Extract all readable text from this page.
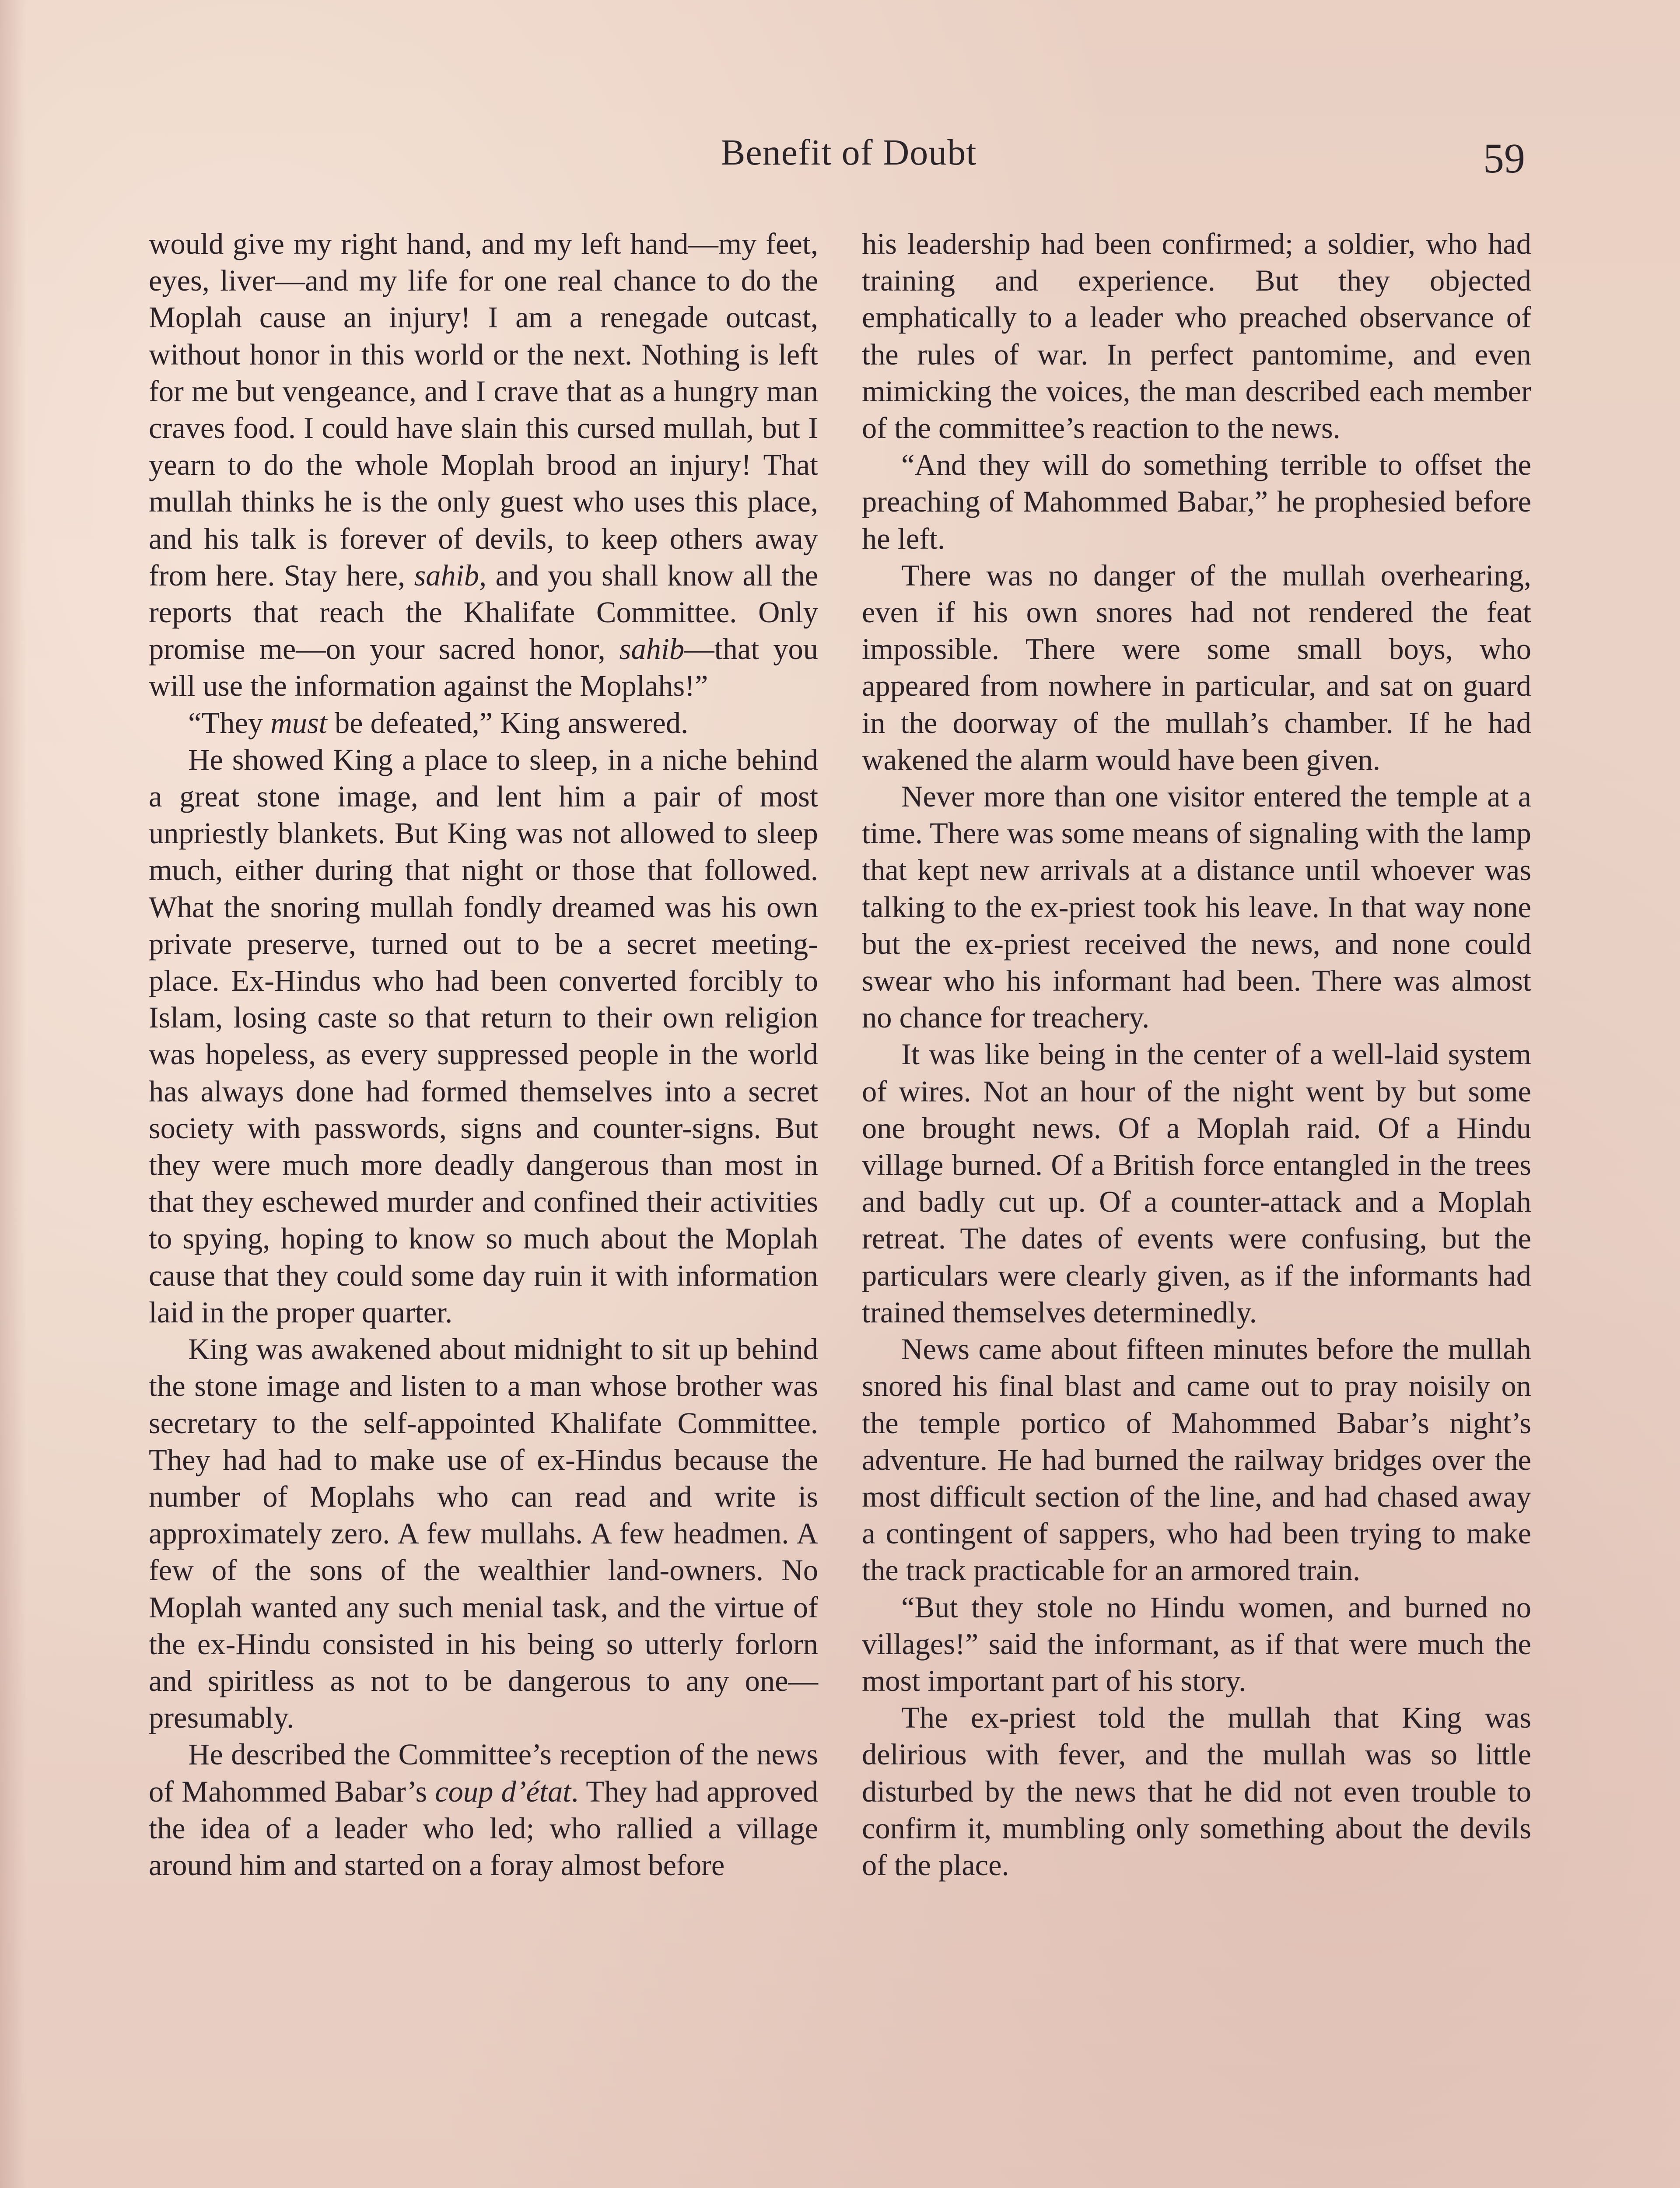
Benefit of Doubt	59

would give my right hand, and my left hand—my feet, eyes, liver—and my life for one real chance to do the Moplah cause an injury! I am a renegade outcast, without honor in this world or the next. Nothing is left for me but vengeance, and I crave that as a hungry man craves food. I could have slain this cursed mullah, but I yearn to do the whole Moplah brood an injury! That mullah thinks he is the only guest who uses this place, and his talk is forever of devils, to keep others away from here. Stay here, sahib, and you shall know all the reports that reach the Khalifate Committee. Only promise me—on your sacred honor, sahib—that you will use the information against the Moplahs!”

“They must be defeated,” King answered.

He showed King a place to sleep, in a niche behind a great stone image, and lent him a pair of most unpriestly blankets. But King was not allowed to sleep much, either during that night or those that followed. What the snoring mullah fondly dreamed was his own private preserve, turned out to be a secret meeting-place. Ex-Hindus who had been converted forcibly to Islam, losing caste so that return to their own religion was hopeless, as every suppressed people in the world has always done had formed themselves into a secret society with passwords, signs and counter-signs. But they were much more deadly dangerous than most in that they eschewed murder and confined their activities to spying, hoping to know so much about the Moplah cause that they could some day ruin it with information laid in the proper quarter.

King was awakened about midnight to sit up behind the stone image and listen to a man whose brother was secretary to the self-appointed Khalifate Committee. They had had to make use of ex-Hindus because the number of Moplahs who can read and write is approximately zero. A few mullahs. A few headmen. A few of the sons of the wealthier land-owners. No Moplah wanted any such menial task, and the virtue of the ex-Hindu consisted in his being so utterly forlorn and spiritless as not to be dangerous to any one—presumably.

He described the Committee’s reception of the news of Mahommed Babar’s coup d’état. They had approved the idea of a leader who led; who rallied a village around him and started on a foray almost before

his leadership had been confirmed; a soldier, who had training and experience. But they objected emphatically to a leader who preached observance of the rules of war. In perfect pantomime, and even mimicking the voices, the man described each member of the committee’s reaction to the news.

“And they will do something terrible to offset the preaching of Mahommed Babar,” he prophesied before he left.

There was no danger of the mullah overhearing, even if his own snores had not rendered the feat impossible. There were some small boys, who appeared from nowhere in particular, and sat on guard in the doorway of the mullah’s chamber. If he had wakened the alarm would have been given.

Never more than one visitor entered the temple at a time. There was some means of signaling with the lamp that kept new arrivals at a distance until whoever was talking to the ex-priest took his leave. In that way none but the ex-priest received the news, and none could swear who his informant had been. There was almost no chance for treachery.

It was like being in the center of a well-laid system of wires. Not an hour of the night went by but some one brought news. Of a Moplah raid. Of a Hindu village burned. Of a British force entangled in the trees and badly cut up. Of a counter-attack and a Moplah retreat. The dates of events were confusing, but the particulars were clearly given, as if the informants had trained themselves determinedly.

News came about fifteen minutes before the mullah snored his final blast and came out to pray noisily on the temple portico of Mahommed Babar’s night’s adventure. He had burned the railway bridges over the most difficult section of the line, and had chased away a contingent of sappers, who had been trying to make the track practicable for an armored train.

“But they stole no Hindu women, and burned no villages!” said the informant, as if that were much the most important part of his story.

The ex-priest told the mullah that King was delirious with fever, and the mullah was so little disturbed by the news that he did not even trouble to confirm it, mumbling only something about the devils of the place.
